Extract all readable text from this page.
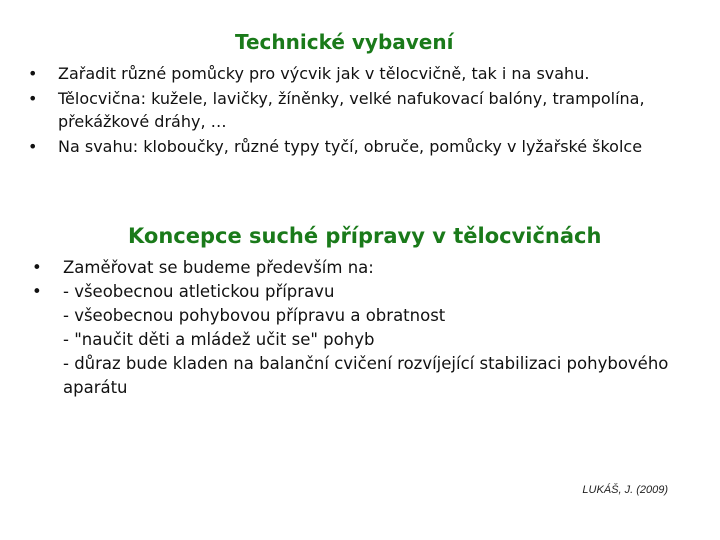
Technické vybavení
• Zařadit různé pomůcky pro výcvik jak v tělocvičně, tak i na svahu.
• Tělocvična: kužele, lavičky, žíněnky, velké nafukovací balóny, trampolína, překážkové dráhy, …
• Na svahu: kloboučky, různé typy tyčí, obruče, pomůcky v lyžařské školce
Koncepce suché přípravy v tělocvičnách
• Zaměřovat se budeme především na:
• - všeobecnou atletickou přípravu
- všeobecnou pohybovou přípravu a obratnost
- "naučit děti a mládež učit se" pohyb
- důraz bude kladen na balanční cvičení rozvíjející stabilizaci pohybového aparátu

LUKÁŠ, J. (2009)
